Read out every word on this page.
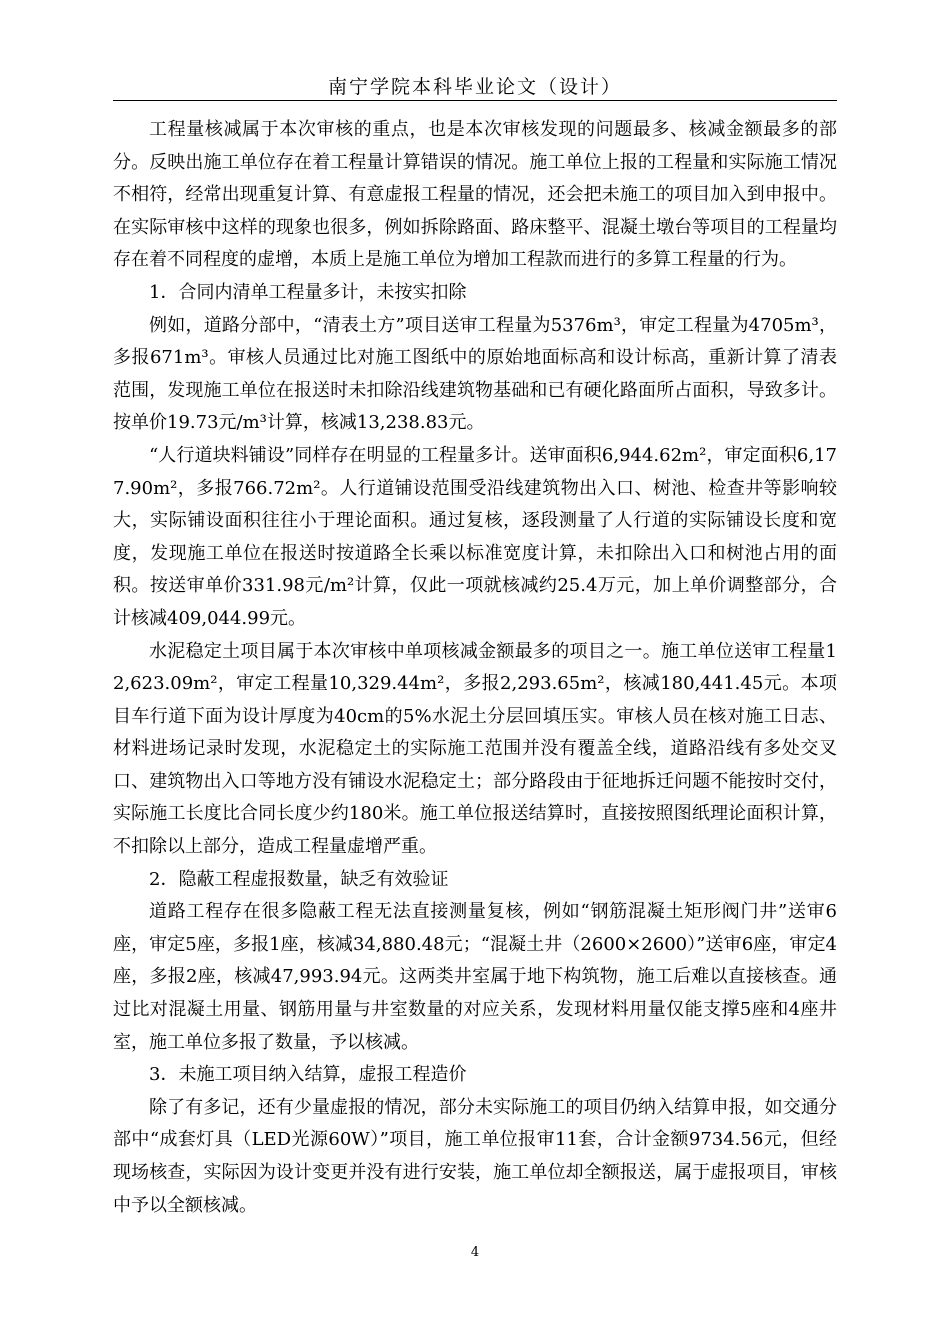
南宁学院本科毕业论文（设计）

工程量核减属于本次审核的重点，也是本次审核发现的问题最多、核减金额最多的部分。反映出施工单位存在着工程量计算错误的情况。施工单位上报的工程量和实际施工情况不相符，经常出现重复计算、有意虚报工程量的情况，还会把未施工的项目加入到申报中。在实际审核中这样的现象也很多，例如拆除路面、路床整平、混凝土墩台等项目的工程量均存在着不同程度的虚增，本质上是施工单位为增加工程款而进行的多算工程量的行为。

1．合同内清单工程量多计，未按实扣除

例如，道路分部中，“清表土方”项目送审工程量为5376m³，审定工程量为4705m³，多报671m³。审核人员通过比对施工图纸中的原始地面标高和设计标高，重新计算了清表范围，发现施工单位在报送时未扣除沿线建筑物基础和已有硬化路面所占面积，导致多计。按单价19.73元/m³计算，核减13,238.83元。

“人行道块料铺设”同样存在明显的工程量多计。送审面积6,944.62m²，审定面积6,177.90m²，多报766.72m²。人行道铺设范围受沿线建筑物出入口、树池、检查井等影响较大，实际铺设面积往往小于理论面积。通过复核，逐段测量了人行道的实际铺设长度和宽度，发现施工单位在报送时按道路全长乘以标准宽度计算，未扣除出入口和树池占用的面积。按送审单价331.98元/m²计算，仅此一项就核减约25.4万元，加上单价调整部分，合计核减409,044.99元。

水泥稳定土项目属于本次审核中单项核减金额最多的项目之一。施工单位送审工程量12,623.09m²，审定工程量10,329.44m²，多报2,293.65m²，核减180,441.45元。本项目车行道下面为设计厚度为40cm的5%水泥土分层回填压实。审核人员在核对施工日志、材料进场记录时发现，水泥稳定土的实际施工范围并没有覆盖全线，道路沿线有多处交叉口、建筑物出入口等地方没有铺设水泥稳定土；部分路段由于征地拆迁问题不能按时交付，实际施工长度比合同长度少约180米。施工单位报送结算时，直接按照图纸理论面积计算，不扣除以上部分，造成工程量虚增严重。

2．隐蔽工程虚报数量，缺乏有效验证

道路工程存在很多隐蔽工程无法直接测量复核，例如“钢筋混凝土矩形阀门井”送审6座，审定5座，多报1座，核减34,880.48元；“混凝土井（2600×2600）”送审6座，审定4座，多报2座，核减47,993.94元。这两类井室属于地下构筑物，施工后难以直接核查。通过比对混凝土用量、钢筋用量与井室数量的对应关系，发现材料用量仅能支撑5座和4座井室，施工单位多报了数量，予以核减。

3．未施工项目纳入结算，虚报工程造价

除了有多记，还有少量虚报的情况，部分未实际施工的项目仍纳入结算申报，如交通分部中“成套灯具（LED光源60W）”项目，施工单位报审11套，合计金额9734.56元，但经现场核查，实际因为设计变更并没有进行安装，施工单位却全额报送，属于虚报项目，审核中予以全额核减。

4
